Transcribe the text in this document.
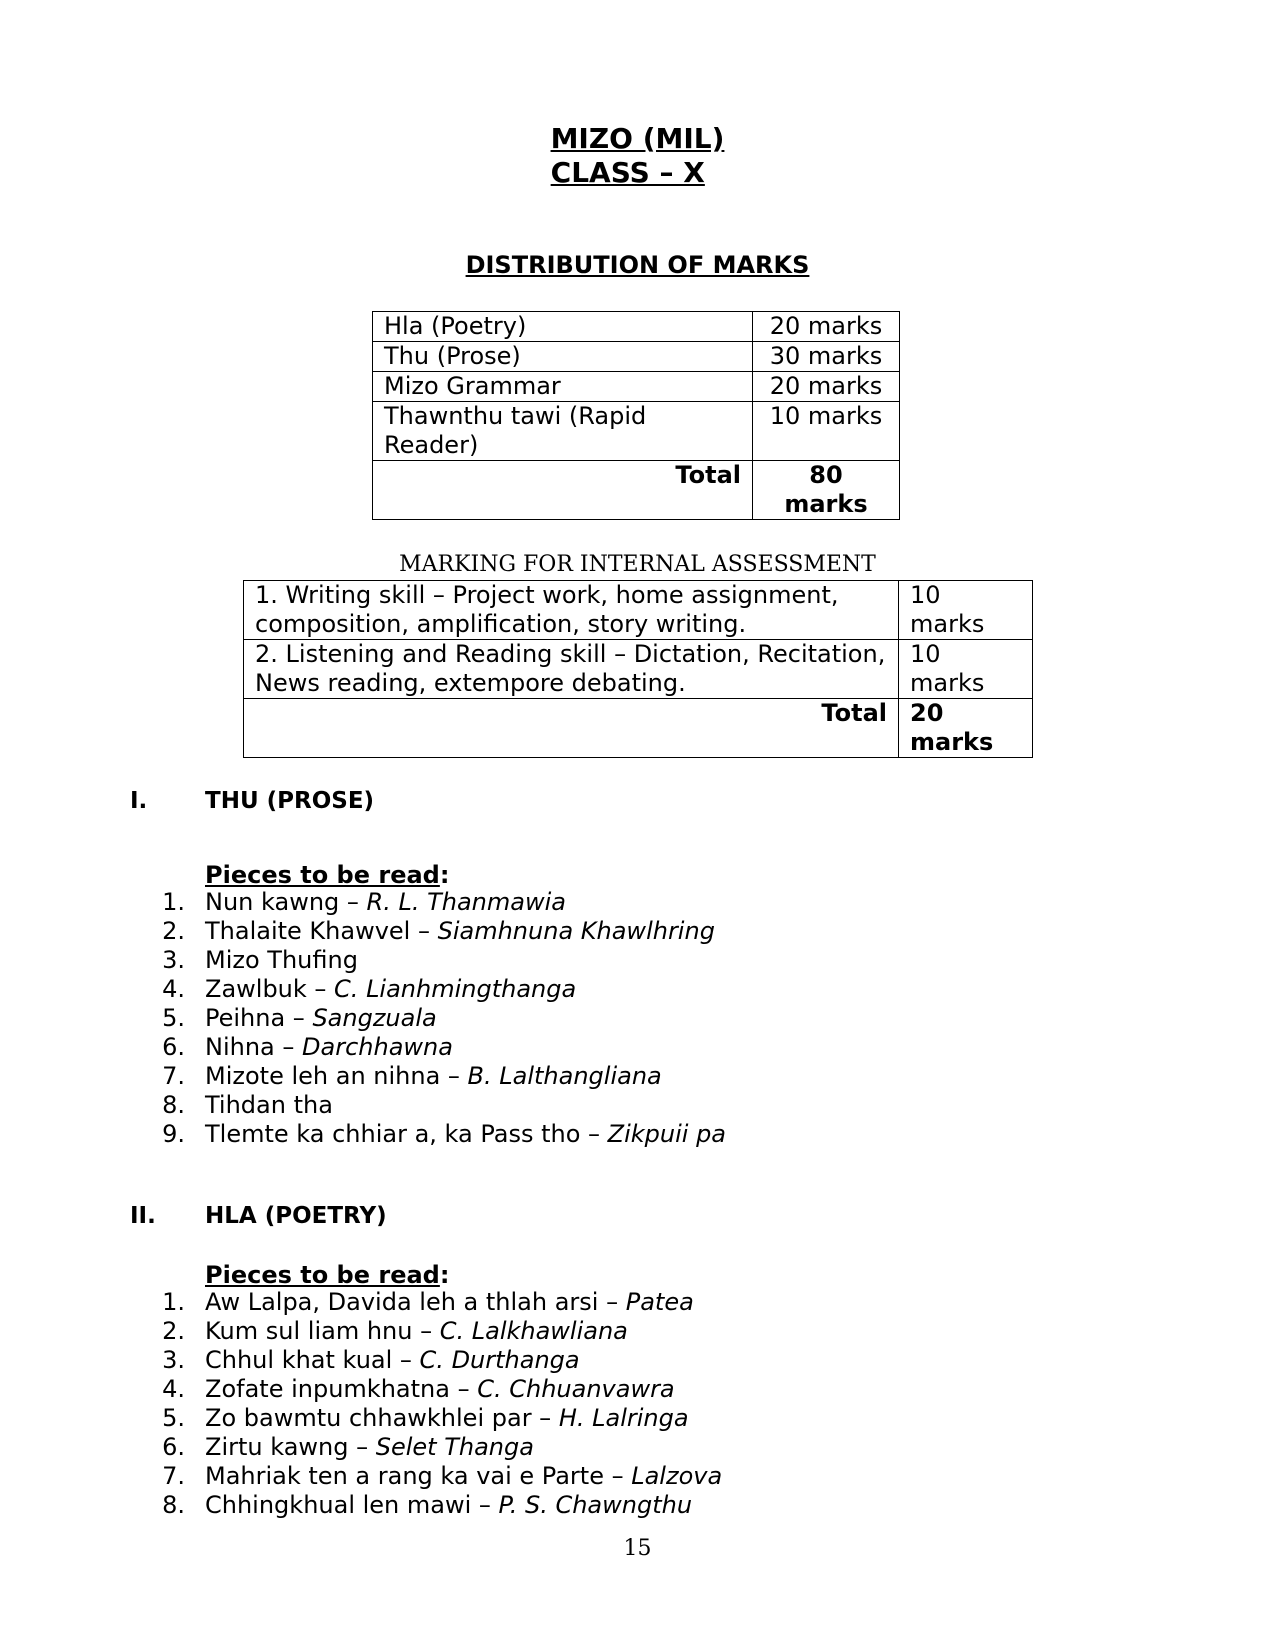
MIZO (MIL)
CLASS – X
DISTRIBUTION OF MARKS
Hla (Poetry)	20 marks
Thu (Prose)	30 marks
Mizo Grammar	20 marks
Thawnthu tawi (Rapid Reader)	10 marks
Total	80 marks
MARKING FOR INTERNAL ASSESSMENT
1. Writing skill – Project work, home assignment, composition, amplification, story writing.	10 marks
2. Listening and Reading skill – Dictation, Recitation, News reading, extempore debating.	10 marks
Total	20 marks
I.	THU (PROSE)
Pieces to be read:
1. Nun kawng – R. L. Thanmawia
2. Thalaite Khawvel – Siamhnuna Khawlhring
3. Mizo Thufing
4. Zawlbuk – C. Lianhmingthanga
5. Peihna – Sangzuala
6. Nihna – Darchhawna
7. Mizote leh an nihna – B. Lalthangliana
8. Tihdan tha
9. Tlemte ka chhiar a, ka Pass tho – Zikpuii pa
II. HLA (POETRY)
Pieces to be read:
1. Aw Lalpa, Davida leh a thlah arsi – Patea
2. Kum sul liam hnu – C. Lalkhawliana
3. Chhul khat kual – C. Durthanga
4. Zofate inpumkhatna – C. Chhuanvawra
5. Zo bawmtu chhawkhlei par – H. Lalringa
6. Zirtu kawng – Selet Thanga
7. Mahriak ten a rang ka vai e Parte – Lalzova
8. Chhingkhual len mawi – P. S. Chawngthu
15
